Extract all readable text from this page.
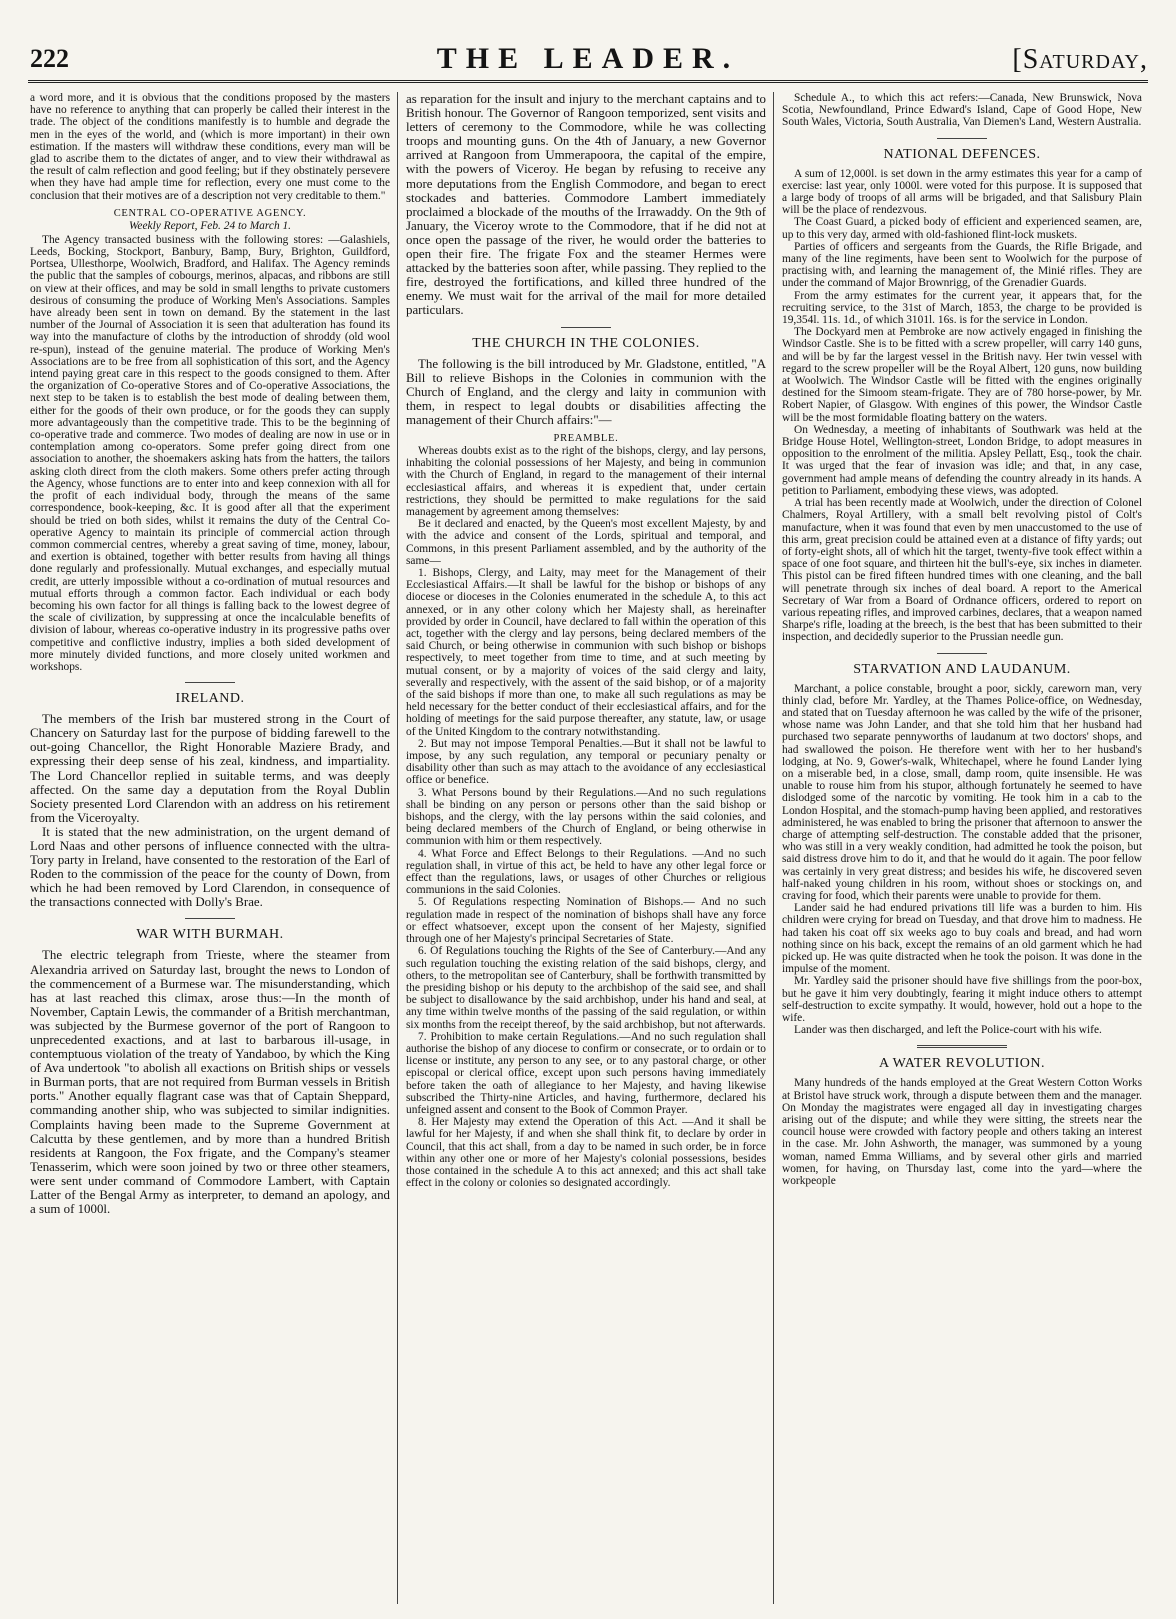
222	THE LEADER.	[Saturday,

a word more, and it is obvious that the conditions proposed by the masters have no reference to anything that can properly be called their interest in the trade. The object of the conditions manifestly is to humble and degrade the men in the eyes of the world, and (which is more important) in their own estimation. If the masters will withdraw these conditions, every man will be glad to ascribe them to the dictates of anger, and to view their withdrawal as the result of calm reflection and good feeling; but if they obstinately persevere when they have had ample time for reflection, every one must come to the conclusion that their motives are of a description not very creditable to them."

CENTRAL CO-OPERATIVE AGENCY.

Weekly Report, Feb. 24 to March 1.

The Agency transacted business with the following stores: —Galashiels, Leeds, Bocking, Stockport, Banbury, Bamp, Bury, Brighton, Guildford, Portsea, Ullesthorpe, Woolwich, Bradford, and Halifax. The Agency reminds the public that the samples of cobourgs, merinos, alpacas, and ribbons are still on view at their offices, and may be sold in small lengths to private customers desirous of consuming the produce of Working Men's Associations. Samples have already been sent in town on demand. By the statement in the last number of the Journal of Association it is seen that adulteration has found its way into the manufacture of cloths by the introduction of shroddy (old wool re-spun), instead of the genuine material. The produce of Working Men's Associations are to be free from all sophistication of this sort, and the Agency intend paying great care in this respect to the goods consigned to them. After the organization of Co-operative Stores and of Co-operative Associations, the next step to be taken is to establish the best mode of dealing between them, either for the goods of their own produce, or for the goods they can supply more advantageously than the competitive trade. This to be the beginning of co-operative trade and commerce. Two modes of dealing are now in use or in contemplation among co-operators. Some prefer going direct from one association to another, the shoemakers asking hats from the hatters, the tailors asking cloth direct from the cloth makers. Some others prefer acting through the Agency, whose functions are to enter into and keep connexion with all for the profit of each individual body, through the means of the same correspondence, book-keeping, &c. It is good after all that the experiment should be tried on both sides, whilst it remains the duty of the Central Co-operative Agency to maintain its principle of commercial action through common commercial centres, whereby a great saving of time, money, labour, and exertion is obtained, together with better results from having all things done regularly and professionally. Mutual exchanges, and especially mutual credit, are utterly impossible without a co-ordination of mutual resources and mutual efforts through a common factor. Each individual or each body becoming his own factor for all things is falling back to the lowest degree of the scale of civilization, by suppressing at once the incalculable benefits of division of labour, whereas co-operative industry in its progressive paths over competitive and conflictive industry, implies a both sided development of more minutely divided functions, and more closely united workmen and workshops.

IRELAND.

The members of the Irish bar mustered strong in the Court of Chancery on Saturday last for the purpose of bidding farewell to the out-going Chancellor, the Right Honorable Maziere Brady, and expressing their deep sense of his zeal, kindness, and impartiality. The Lord Chancellor replied in suitable terms, and was deeply affected. On the same day a deputation from the Royal Dublin Society presented Lord Clarendon with an address on his retirement from the Viceroyalty.

It is stated that the new administration, on the urgent demand of Lord Naas and other persons of influence connected with the ultra-Tory party in Ireland, have consented to the restoration of the Earl of Roden to the commission of the peace for the county of Down, from which he had been removed by Lord Clarendon, in consequence of the transactions connected with Dolly's Brae.

WAR WITH BURMAH.

The electric telegraph from Trieste, where the steamer from Alexandria arrived on Saturday last, brought the news to London of the commencement of a Burmese war. The misunderstanding, which has at last reached this climax, arose thus:—In the month of November, Captain Lewis, the commander of a British merchantman, was subjected by the Burmese governor of the port of Rangoon to unprecedented exactions, and at last to barbarous ill-usage, in contemptuous violation of the treaty of Yandaboo, by which the King of Ava undertook "to abolish all exactions on British ships or vessels in Burman ports, that are not required from Burman vessels in British ports." Another equally flagrant case was that of Captain Sheppard, commanding another ship, who was subjected to similar indignities. Complaints having been made to the Supreme Government at Calcutta by these gentlemen, and by more than a hundred British residents at Rangoon, the Fox frigate, and the Company's steamer Tenasserim, which were soon joined by two or three other steamers, were sent under command of Commodore Lambert, with Captain Latter of the Bengal Army as interpreter, to demand an apology, and a sum of 1000l.

as reparation for the insult and injury to the merchant captains and to British honour. The Governor of Rangoon temporized, sent visits and letters of ceremony to the Commodore, while he was collecting troops and mounting guns. On the 4th of January, a new Governor arrived at Rangoon from Ummerapoora, the capital of the empire, with the powers of Viceroy. He began by refusing to receive any more deputations from the English Commodore, and began to erect stockades and batteries. Commodore Lambert immediately proclaimed a blockade of the mouths of the Irrawaddy. On the 9th of January, the Viceroy wrote to the Commodore, that if he did not at once open the passage of the river, he would order the batteries to open their fire. The frigate Fox and the steamer Hermes were attacked by the batteries soon after, while passing. They replied to the fire, destroyed the fortifications, and killed three hundred of the enemy. We must wait for the arrival of the mail for more detailed particulars.

THE CHURCH IN THE COLONIES.

The following is the bill introduced by Mr. Gladstone, entitled, "A Bill to relieve Bishops in the Colonies in communion with the Church of England, and the clergy and laity in communion with them, in respect to legal doubts or disabilities affecting the management of their Church affairs:"—

PREAMBLE.

Whereas doubts exist as to the right of the bishops, clergy, and lay persons, inhabiting the colonial possessions of her Majesty, and being in communion with the Church of England, in regard to the management of their internal ecclesiastical affairs, and whereas it is expedient that, under certain restrictions, they should be permitted to make regulations for the said management by agreement among themselves:

Be it declared and enacted, by the Queen's most excellent Majesty, by and with the advice and consent of the Lords, spiritual and temporal, and Commons, in this present Parliament assembled, and by the authority of the same—

1. Bishops, Clergy, and Laity, may meet for the Management of their Ecclesiastical Affairs.—It shall be lawful for the bishop or bishops of any diocese or dioceses in the Colonies enumerated in the schedule A, to this act annexed, or in any other colony which her Majesty shall, as hereinafter provided by order in Council, have declared to fall within the operation of this act, together with the clergy and lay persons, being declared members of the said Church, or being otherwise in communion with such bishop or bishops respectively, to meet together from time to time, and at such meeting by mutual consent, or by a majority of voices of the said clergy and laity, severally and respectively, with the assent of the said bishop, or of a majority of the said bishops if more than one, to make all such regulations as may be held necessary for the better conduct of their ecclesiastical affairs, and for the holding of meetings for the said purpose thereafter, any statute, law, or usage of the United Kingdom to the contrary notwithstanding.

2. But may not impose Temporal Penalties.—But it shall not be lawful to impose, by any such regulation, any temporal or pecuniary penalty or disability other than such as may attach to the avoidance of any ecclesiastical office or benefice.

3. What Persons bound by their Regulations.—And no such regulations shall be binding on any person or persons other than the said bishop or bishops, and the clergy, with the lay persons within the said colonies, and being declared members of the Church of England, or being otherwise in communion with him or them respectively.

4. What Force and Effect Belongs to their Regulations. —And no such regulation shall, in virtue of this act, be held to have any other legal force or effect than the regulations, laws, or usages of other Churches or religious communions in the said Colonies.

5. Of Regulations respecting Nomination of Bishops.— And no such regulation made in respect of the nomination of bishops shall have any force or effect whatsoever, except upon the consent of her Majesty, signified through one of her Majesty's principal Secretaries of State.

6. Of Regulations touching the Rights of the See of Canterbury.—And any such regulation touching the existing relation of the said bishops, clergy, and others, to the metropolitan see of Canterbury, shall be forthwith transmitted by the presiding bishop or his deputy to the archbishop of the said see, and shall be subject to disallowance by the said archbishop, under his hand and seal, at any time within twelve months of the passing of the said regulation, or within six months from the receipt thereof, by the said archbishop, but not afterwards.

7. Prohibition to make certain Regulations.—And no such regulation shall authorise the bishop of any diocese to confirm or consecrate, or to ordain or to license or institute, any person to any see, or to any pastoral charge, or other episcopal or clerical office, except upon such persons having immediately before taken the oath of allegiance to her Majesty, and having likewise subscribed the Thirty-nine Articles, and having, furthermore, declared his unfeigned assent and consent to the Book of Common Prayer.

8. Her Majesty may extend the Operation of this Act. —And it shall be lawful for her Majesty, if and when she shall think fit, to declare by order in Council, that this act shall, from a day to be named in such order, be in force within any other one or more of her Majesty's colonial possessions, besides those contained in the schedule A to this act annexed; and this act shall take effect in the colony or colonies so designated accordingly.

Schedule A., to which this act refers:—Canada, New Brunswick, Nova Scotia, Newfoundland, Prince Edward's Island, Cape of Good Hope, New South Wales, Victoria, South Australia, Van Diemen's Land, Western Australia.

NATIONAL DEFENCES.

A sum of 12,000l. is set down in the army estimates this year for a camp of exercise: last year, only 1000l. were voted for this purpose. It is supposed that a large body of troops of all arms will be brigaded, and that Salisbury Plain will be the place of rendezvous.

The Coast Guard, a picked body of efficient and experienced seamen, are, up to this very day, armed with old-fashioned flint-lock muskets.

Parties of officers and sergeants from the Guards, the Rifle Brigade, and many of the line regiments, have been sent to Woolwich for the purpose of practising with, and learning the management of, the Minié rifles. They are under the command of Major Brownrigg, of the Grenadier Guards.

From the army estimates for the current year, it appears that, for the recruiting service, to the 31st of March, 1853, the charge to be provided is 19,354l. 11s. 1d., of which 3101l. 16s. is for the service in London.

The Dockyard men at Pembroke are now actively engaged in finishing the Windsor Castle. She is to be fitted with a screw propeller, will carry 140 guns, and will be by far the largest vessel in the British navy. Her twin vessel with regard to the screw propeller will be the Royal Albert, 120 guns, now building at Woolwich. The Windsor Castle will be fitted with the engines originally destined for the Simoom steam-frigate. They are of 780 horse-power, by Mr. Robert Napier, of Glasgow. With engines of this power, the Windsor Castle will be the most formidable floating battery on the waters.

On Wednesday, a meeting of inhabitants of Southwark was held at the Bridge House Hotel, Wellington-street, London Bridge, to adopt measures in opposition to the enrolment of the militia. Apsley Pellatt, Esq., took the chair. It was urged that the fear of invasion was idle; and that, in any case, government had ample means of defending the country already in its hands. A petition to Parliament, embodying these views, was adopted.

A trial has been recently made at Woolwich, under the direction of Colonel Chalmers, Royal Artillery, with a small belt revolving pistol of Colt's manufacture, when it was found that even by men unaccustomed to the use of this arm, great precision could be attained even at a distance of fifty yards; out of forty-eight shots, all of which hit the target, twenty-five took effect within a space of one foot square, and thirteen hit the bull's-eye, six inches in diameter. This pistol can be fired fifteen hundred times with one cleaning, and the ball will penetrate through six inches of deal board. A report to the Americal Secretary of War from a Board of Ordnance officers, ordered to report on various repeating rifles, and improved carbines, declares, that a weapon named Sharpe's rifle, loading at the breech, is the best that has been submitted to their inspection, and decidedly superior to the Prussian needle gun.

STARVATION AND LAUDANUM.

Marchant, a police constable, brought a poor, sickly, careworn man, very thinly clad, before Mr. Yardley, at the Thames Police-office, on Wednesday, and stated that on Tuesday afternoon he was called by the wife of the prisoner, whose name was John Lander, and that she told him that her husband had purchased two separate pennyworths of laudanum at two doctors' shops, and had swallowed the poison. He therefore went with her to her husband's lodging, at No. 9, Gower's-walk, Whitechapel, where he found Lander lying on a miserable bed, in a close, small, damp room, quite insensible. He was unable to rouse him from his stupor, although fortunately he seemed to have dislodged some of the narcotic by vomiting. He took him in a cab to the London Hospital, and the stomach-pump having been applied, and restoratives administered, he was enabled to bring the prisoner that afternoon to answer the charge of attempting self-destruction. The constable added that the prisoner, who was still in a very weakly condition, had admitted he took the poison, but said distress drove him to do it, and that he would do it again. The poor fellow was certainly in very great distress; and besides his wife, he discovered seven half-naked young children in his room, without shoes or stockings on, and craving for food, which their parents were unable to provide for them.

Lander said he had endured privations till life was a burden to him. His children were crying for bread on Tuesday, and that drove him to madness. He had taken his coat off six weeks ago to buy coals and bread, and had worn nothing since on his back, except the remains of an old garment which he had picked up. He was quite distracted when he took the poison. It was done in the impulse of the moment.

Mr. Yardley said the prisoner should have five shillings from the poor-box, but he gave it him very doubtingly, fearing it might induce others to attempt self-destruction to excite sympathy. It would, however, hold out a hope to the wife.

Lander was then discharged, and left the Police-court with his wife.

A WATER REVOLUTION.

Many hundreds of the hands employed at the Great Western Cotton Works at Bristol have struck work, through a dispute between them and the manager. On Monday the magistrates were engaged all day in investigating charges arising out of the dispute; and while they were sitting, the streets near the council house were crowded with factory people and others taking an interest in the case. Mr. John Ashworth, the manager, was summoned by a young woman, named Emma Williams, and by several other girls and married women, for having, on Thursday last, come into the yard—where the workpeople
